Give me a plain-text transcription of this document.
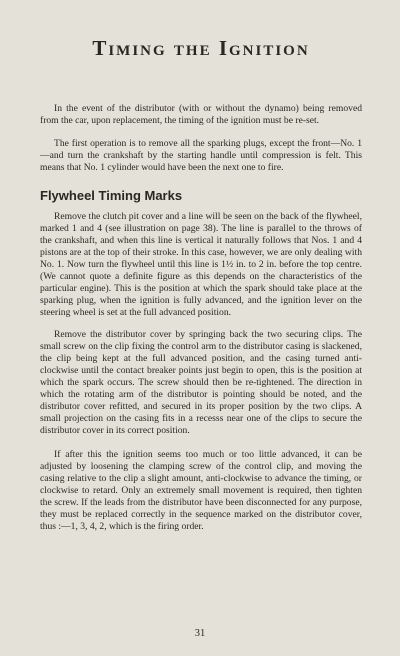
Timing the Ignition

In the event of the distributor (with or without the dynamo) being removed from the car, upon replacement, the timing of the ignition must be re-set.

The first operation is to remove all the sparking plugs, except the front—No. 1—and turn the crankshaft by the starting handle until compression is felt. This means that No. 1 cylinder would have been the next one to fire.

Flywheel Timing Marks

Remove the clutch pit cover and a line will be seen on the back of the flywheel, marked 1 and 4 (see illustration on page 38). The line is parallel to the throws of the crankshaft, and when this line is vertical it naturally follows that Nos. 1 and 4 pistons are at the top of their stroke. In this case, however, we are only dealing with No. 1. Now turn the flywheel until this line is 1½ in. to 2 in. before the top centre. (We cannot quote a definite figure as this depends on the characteristics of the particular engine). This is the position at which the spark should take place at the sparking plug, when the ignition is fully advanced, and the ignition lever on the steering wheel is set at the full advanced position.

Remove the distributor cover by springing back the two securing clips. The small screw on the clip fixing the control arm to the distributor casing is slackened, the clip being kept at the full advanced position, and the casing turned anti-clockwise until the contact breaker points just begin to open, this is the position at which the spark occurs. The screw should then be re-tightened. The direction in which the rotating arm of the distributor is pointing should be noted, and the distributor cover refitted, and secured in its proper position by the two clips. A small projection on the casing fits in a recesss near one of the clips to secure the distributor cover in its correct position.

If after this the ignition seems too much or too little advanced, it can be adjusted by loosening the clamping screw of the control clip, and moving the casing relative to the clip a slight amount, anti-clockwise to advance the timing, or clockwise to retard. Only an extremely small movement is required, then tighten the screw. If the leads from the distributor have been disconnected for any purpose, they must be replaced correctly in the sequence marked on the distributor cover, thus :—1, 3, 4, 2, which is the firing order.

31
